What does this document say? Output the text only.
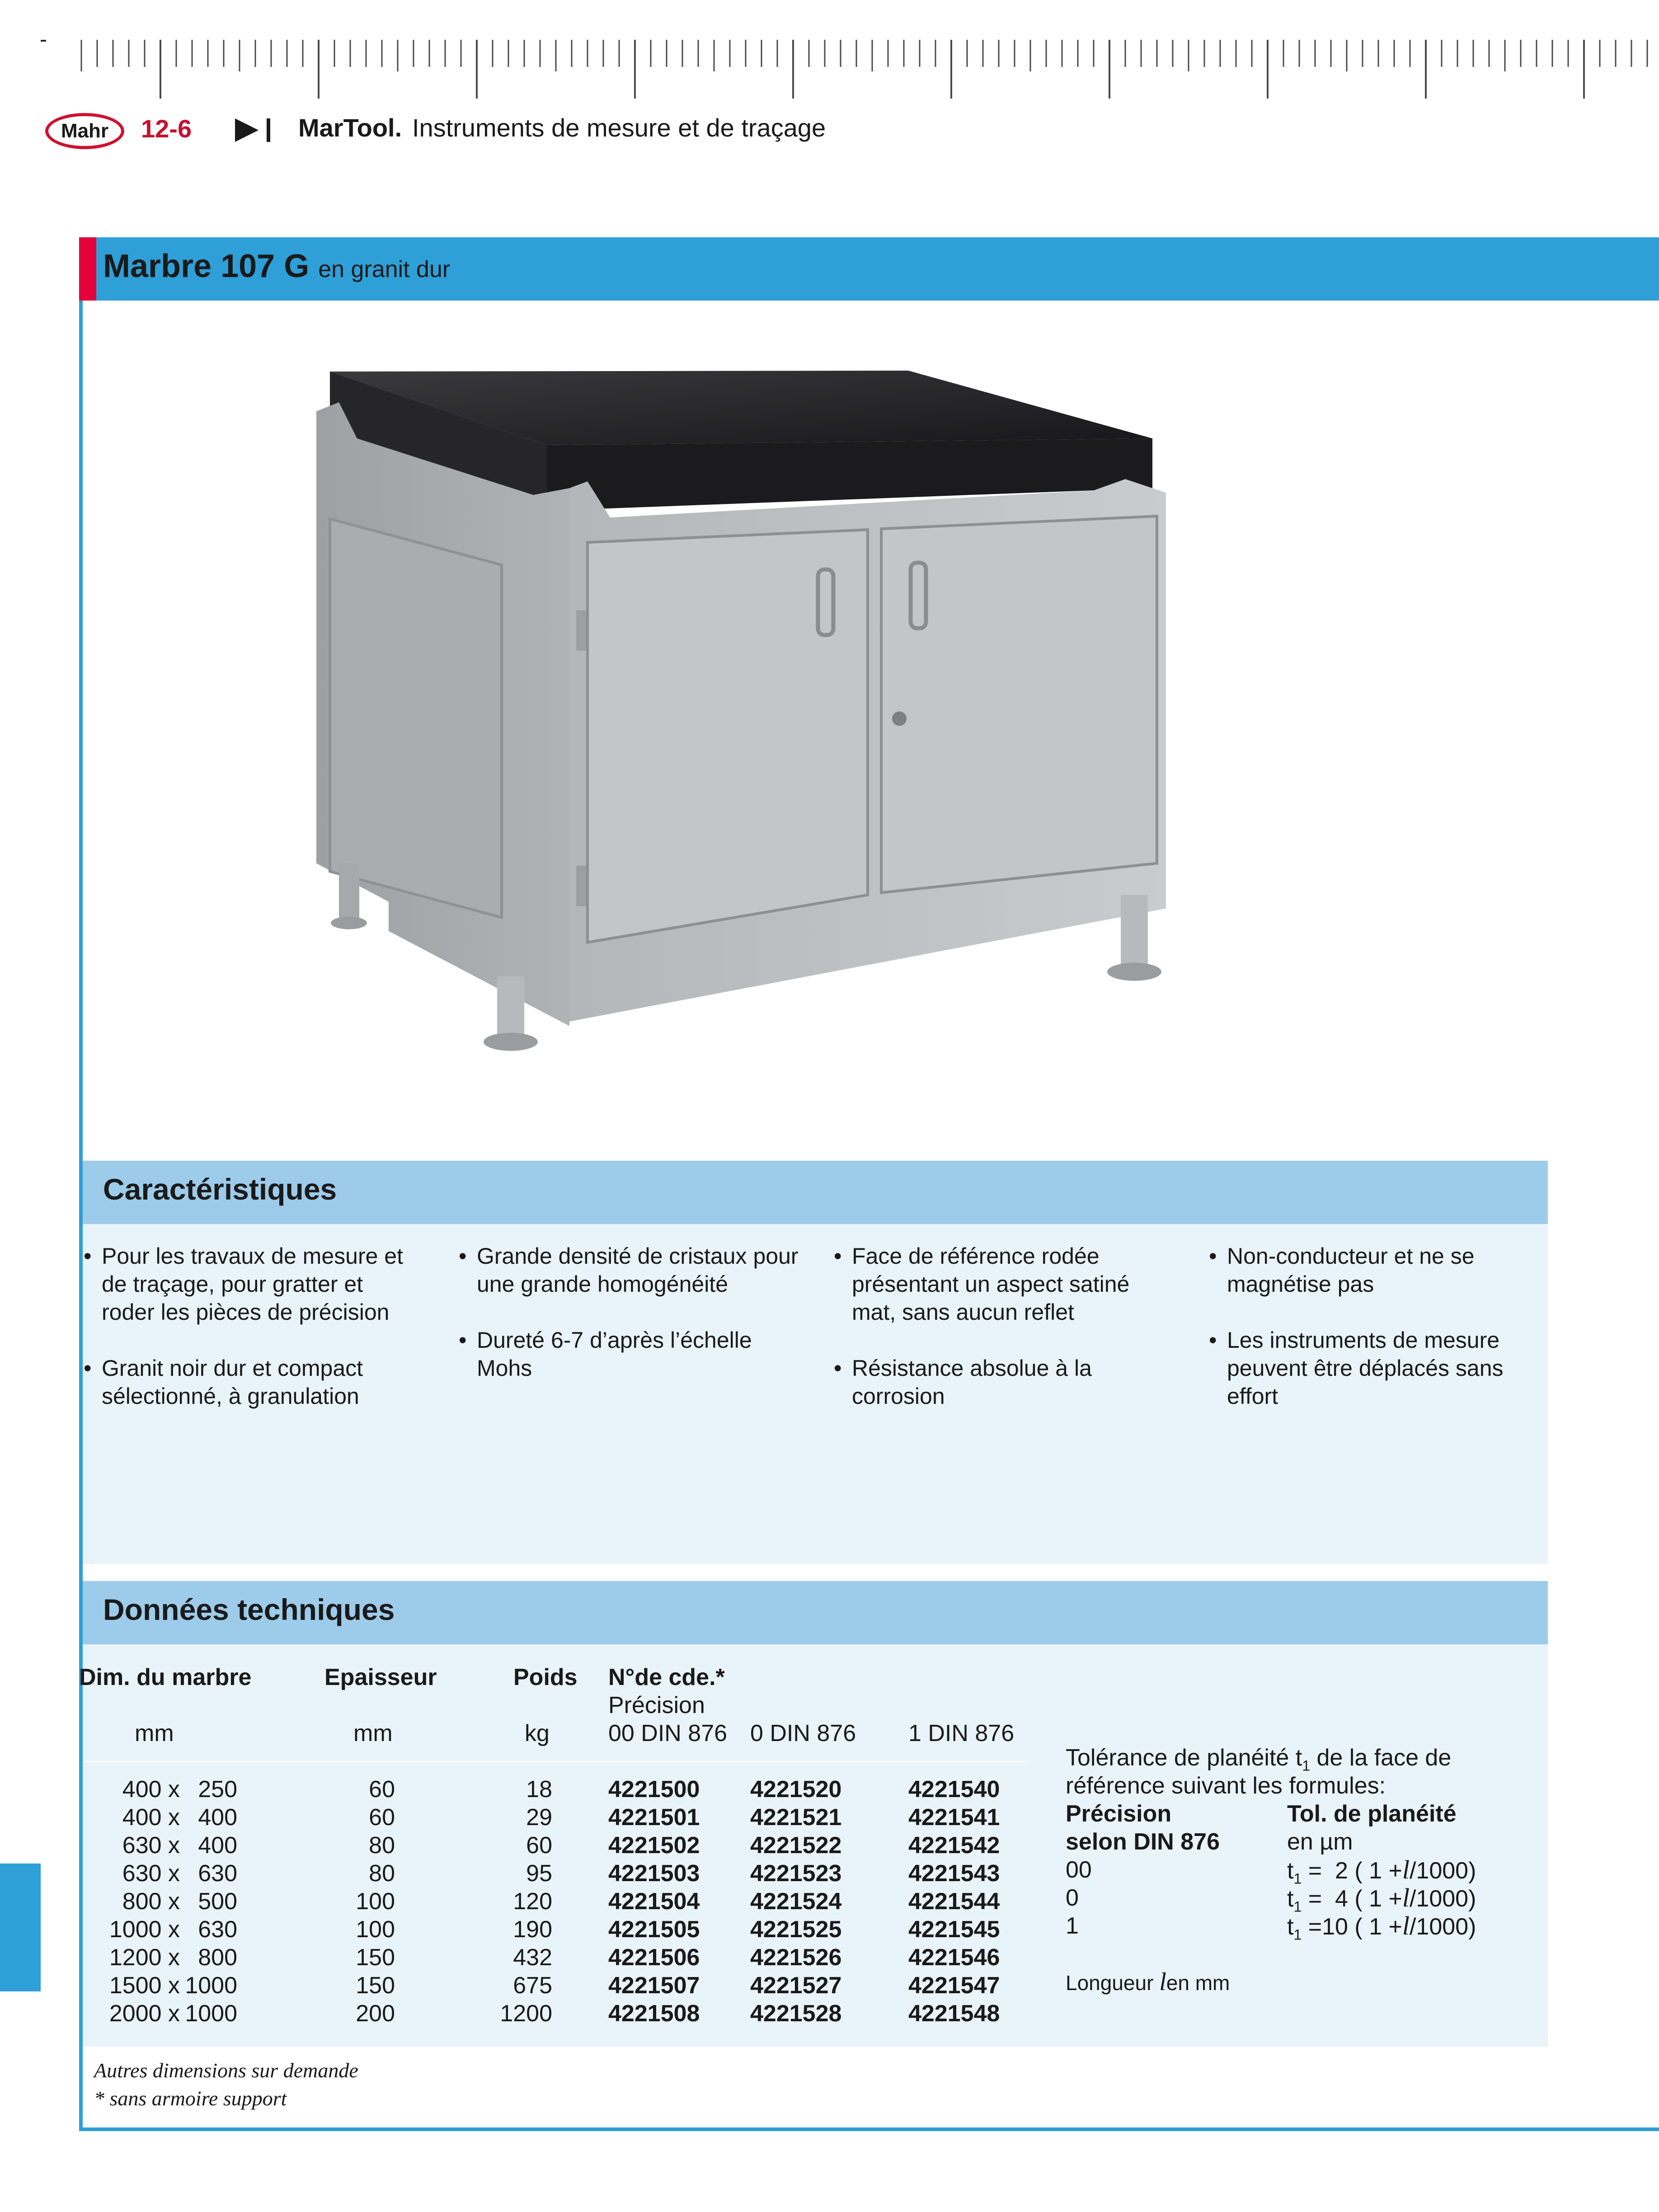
-
Mahr 12-6	MarTool. Instruments de mesure et de traçage
Marbre 107 G en granit dur
Caractéristiques
• Pour les travaux de mesure et de traçage, pour gratter et roder les pièces de précision
• Granit noir dur et compact sélectionné, à granulation
• Grande densité de cristaux pour une grande homogénéité
• Dureté 6-7 d’après l’échelle Mohs
• Face de référence rodée présentant un aspect satiné mat, sans aucun reflet
• Résistance absolue à la corrosion
• Non-conducteur et ne se magnétise pas
• Les instruments de mesure peuvent être déplacés sans effort
Données techniques
Dim. du marbre	Epaisseur	Poids N°de cde.*
Précision
mm	mm	kg	00 DIN 876 0 DIN 876 1 DIN 876
400 x 250	60	18 4221500 4221520	4221540
400 x 400	60	29 4221501 4221521	4221541
630 x 400	80	60 4221502 4221522	4221542
630 x 630	80	95 4221503 4221523	4221543
800 x 500	100	120 4221504 4221524	4221544
1000 x 630	100	190 4221505 4221525	4221545
1200 x 800	150	432 4221506 4221526	4221546
1500 x 1000	150	675 4221507 4221527	4221547
2000 x 1000	200	1200 4221508 4221528	4221548
Tolérance de planéité $t_1$ de la face de
référence suivant les formules:
Précision	Tol. de planéité
selon DIN 876	en µm
00	$t_1 = 2$ ( 1 +l/1000)
0	$t_1 = 4$ ( 1 +l/1000)
1	$t_1 =10$ ( 1 +l/1000)
Longueur len mm
Autres dimensions sur demande
* sans armoire support
